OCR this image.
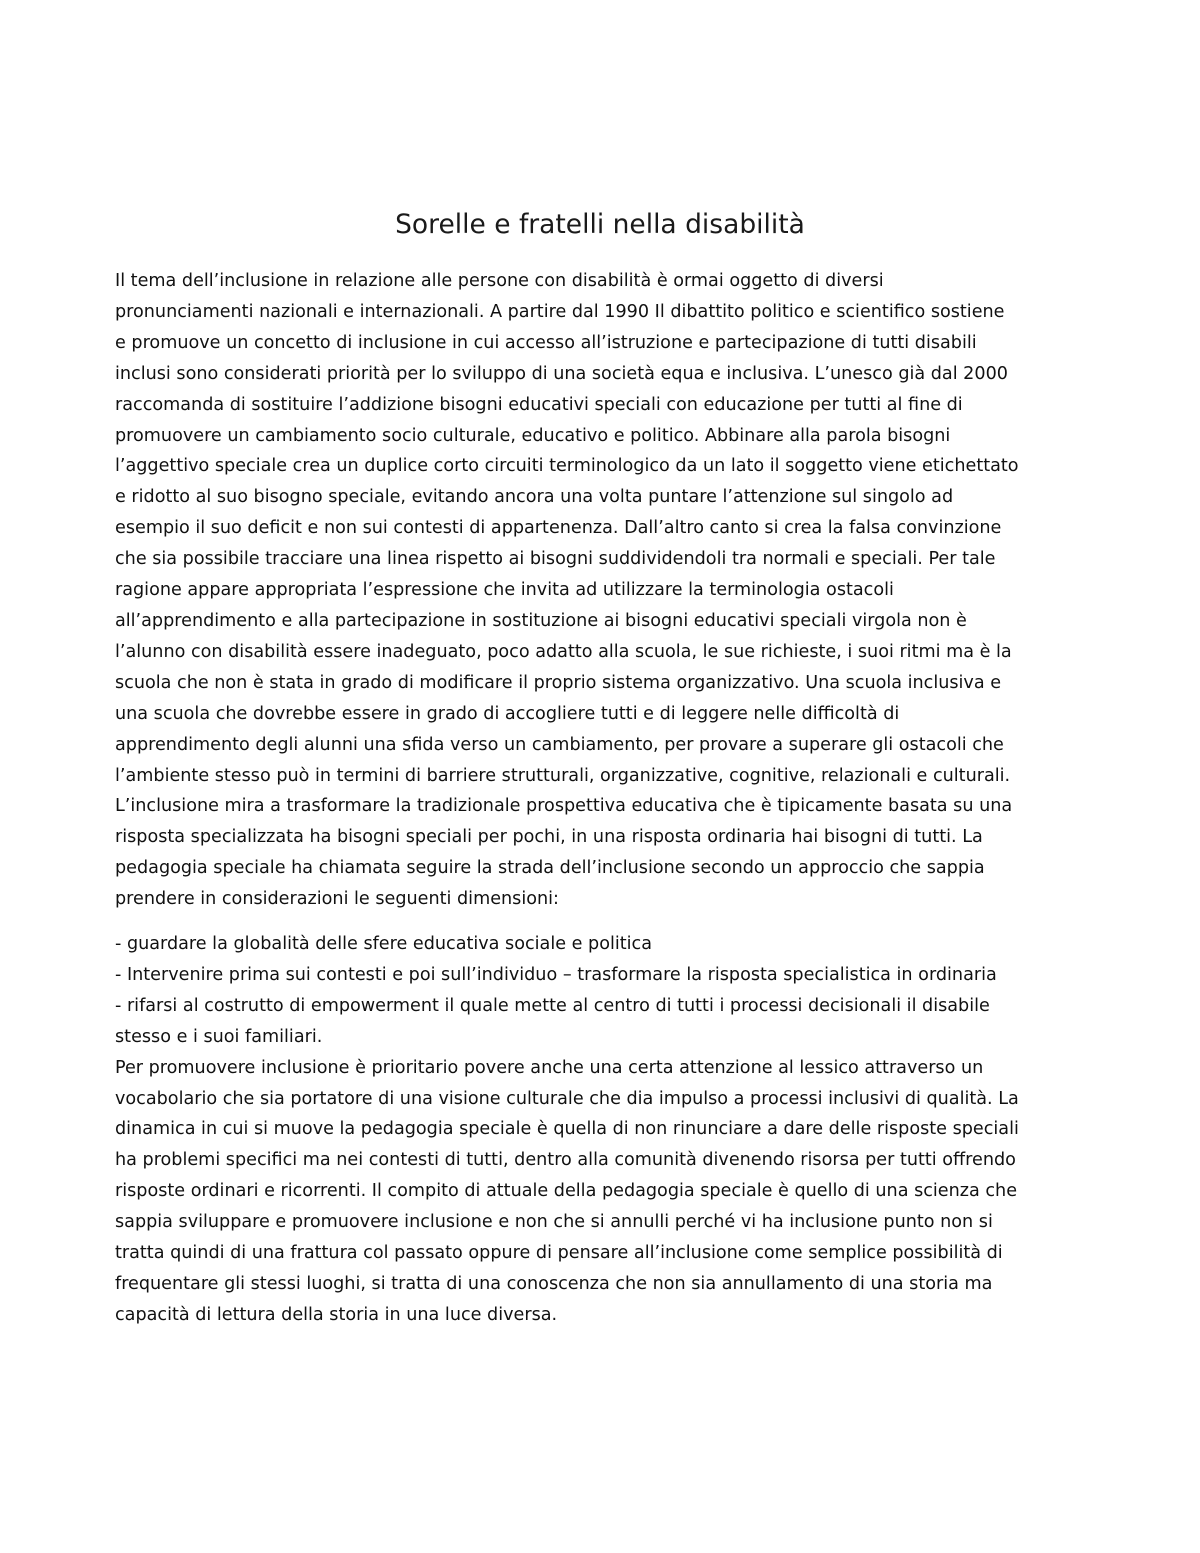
Sorelle e fratelli nella disabilità
Il tema dell’inclusione in relazione alle persone con disabilità è ormai oggetto di diversi
pronunciamenti nazionali e internazionali. A partire dal 1990 Il dibattito politico e scientifico sostiene
e promuove un concetto di inclusione in cui accesso all’istruzione e partecipazione di tutti disabili
inclusi sono considerati priorità per lo sviluppo di una società equa e inclusiva. L’unesco già dal 2000
raccomanda di sostituire l’addizione bisogni educativi speciali con educazione per tutti al fine di
promuovere un cambiamento socio culturale, educativo e politico. Abbinare alla parola bisogni
l’aggettivo speciale crea un duplice corto circuiti terminologico da un lato il soggetto viene etichettato
e ridotto al suo bisogno speciale, evitando ancora una volta puntare l’attenzione sul singolo ad
esempio il suo deficit e non sui contesti di appartenenza. Dall’altro canto si crea la falsa convinzione
che sia possibile tracciare una linea rispetto ai bisogni suddividendoli tra normali e speciali. Per tale
ragione appare appropriata l’espressione che invita ad utilizzare la terminologia ostacoli
all’apprendimento e alla partecipazione in sostituzione ai bisogni educativi speciali virgola non è
l’alunno con disabilità essere inadeguato, poco adatto alla scuola, le sue richieste, i suoi ritmi ma è la
scuola che non è stata in grado di modificare il proprio sistema organizzativo. Una scuola inclusiva e
una scuola che dovrebbe essere in grado di accogliere tutti e di leggere nelle difficoltà di
apprendimento degli alunni una sfida verso un cambiamento, per provare a superare gli ostacoli che
l’ambiente stesso può in termini di barriere strutturali, organizzative, cognitive, relazionali e culturali.
L’inclusione mira a trasformare la tradizionale prospettiva educativa che è tipicamente basata su una
risposta specializzata ha bisogni speciali per pochi, in una risposta ordinaria hai bisogni di tutti. La
pedagogia speciale ha chiamata seguire la strada dell’inclusione secondo un approccio che sappia
prendere in considerazioni le seguenti dimensioni:
- guardare la globalità delle sfere educativa sociale e politica
- Intervenire prima sui contesti e poi sull’individuo – trasformare la risposta specialistica in ordinaria
- rifarsi al costrutto di empowerment il quale mette al centro di tutti i processi decisionali il disabile
stesso e i suoi familiari.
Per promuovere inclusione è prioritario povere anche una certa attenzione al lessico attraverso un
vocabolario che sia portatore di una visione culturale che dia impulso a processi inclusivi di qualità. La
dinamica in cui si muove la pedagogia speciale è quella di non rinunciare a dare delle risposte speciali
ha problemi specifici ma nei contesti di tutti, dentro alla comunità divenendo risorsa per tutti offrendo
risposte ordinari e ricorrenti. Il compito di attuale della pedagogia speciale è quello di una scienza che
sappia sviluppare e promuovere inclusione e non che si annulli perché vi ha inclusione punto non si
tratta quindi di una frattura col passato oppure di pensare all’inclusione come semplice possibilità di
frequentare gli stessi luoghi, si tratta di una conoscenza che non sia annullamento di una storia ma
capacità di lettura della storia in una luce diversa.
